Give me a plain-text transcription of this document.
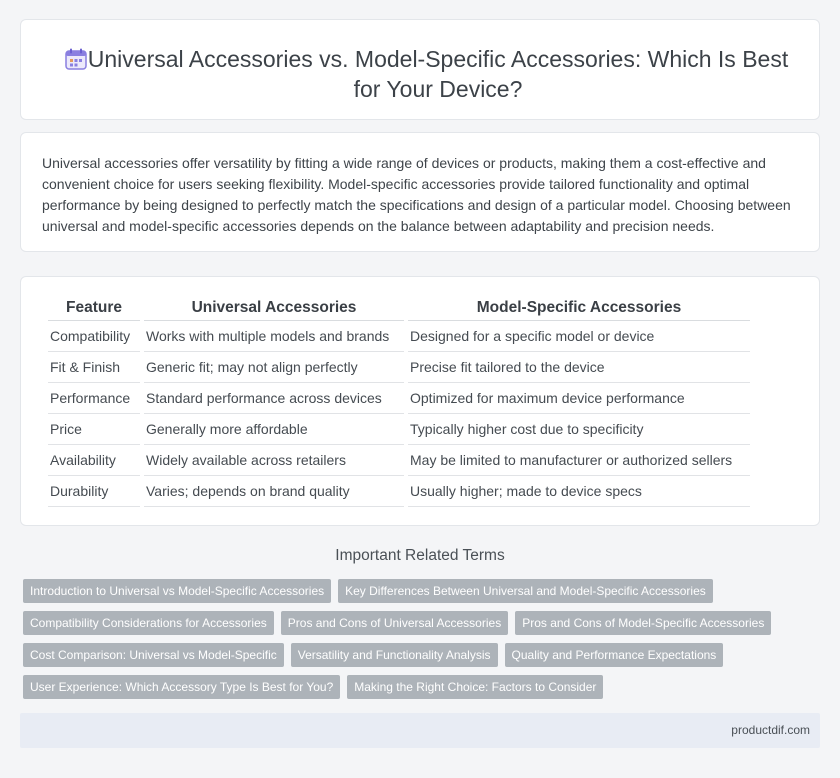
Universal Accessories vs. Model-Specific Accessories: Which Is Best for Your Device?

Universal accessories offer versatility by fitting a wide range of devices or products, making them a cost-effective and convenient choice for users seeking flexibility. Model-specific accessories provide tailored functionality and optimal performance by being designed to perfectly match the specifications and design of a particular model. Choosing between universal and model-specific accessories depends on the balance between adaptability and precision needs.

Feature	Universal Accessories	Model-Specific Accessories
Compatibility	Works with multiple models and brands	Designed for a specific model or device
Fit & Finish	Generic fit; may not align perfectly	Precise fit tailored to the device
Performance	Standard performance across devices	Optimized for maximum device performance
Price	Generally more affordable	Typically higher cost due to specificity
Availability	Widely available across retailers	May be limited to manufacturer or authorized sellers
Durability	Varies; depends on brand quality	Usually higher; made to device specs
Important Related Terms
Introduction to Universal vs Model-Specific Accessories	Key Differences Between Universal and Model-Specific Accessories
Compatibility Considerations for Accessories	Pros and Cons of Universal Accessories	Pros and Cons of Model-Specific Accessories
Cost Comparison: Universal vs Model-Specific	Versatility and Functionality Analysis	Quality and Performance Expectations
User Experience: Which Accessory Type Is Best for You?	Making the Right Choice: Factors to Consider
productdif.com
